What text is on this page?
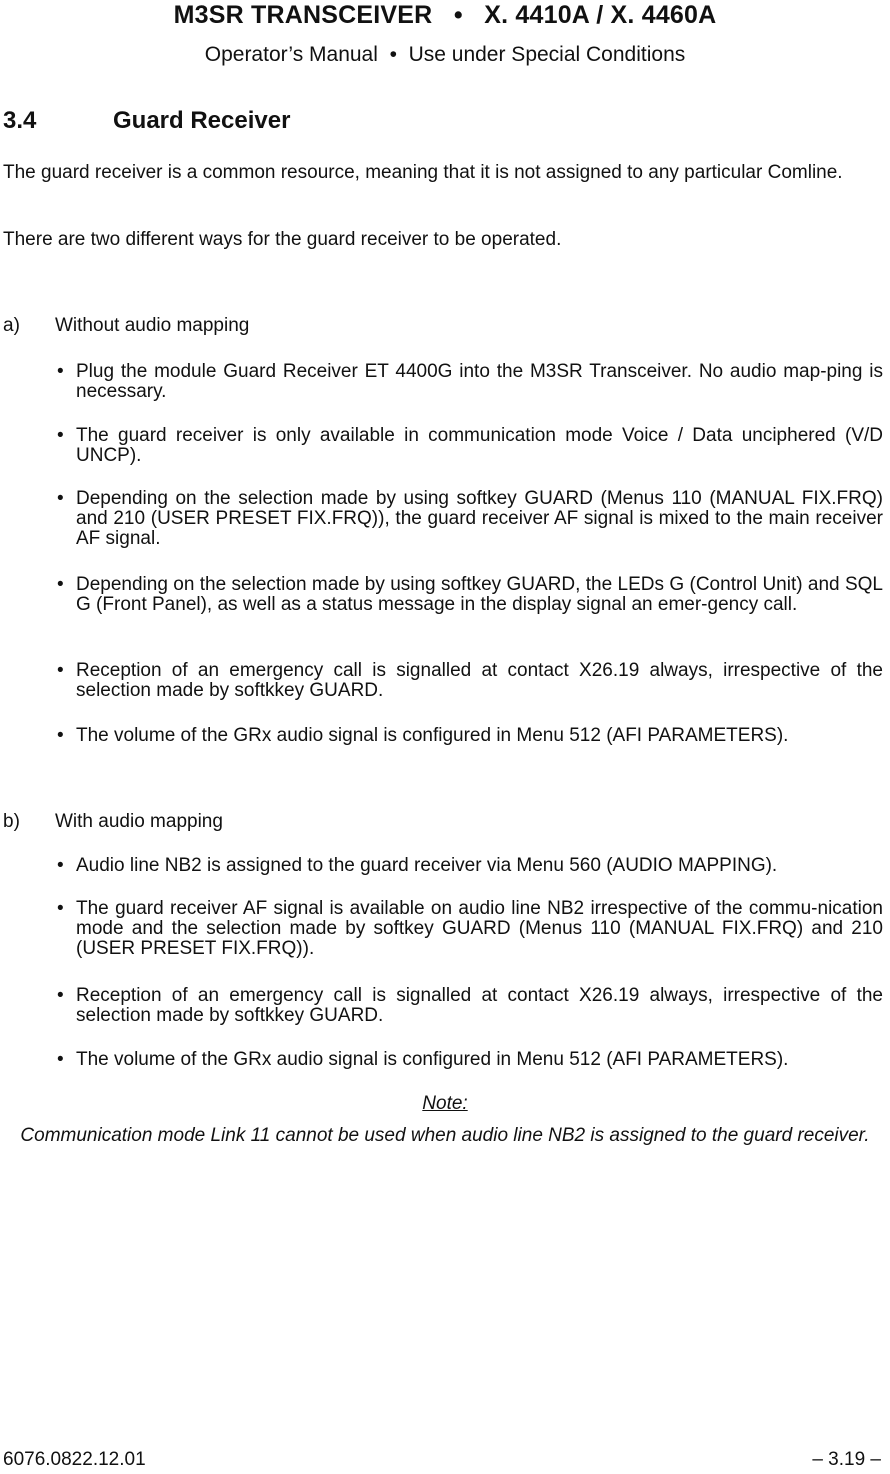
M3SR TRANSCEIVER   •   X. 4410A / X. 4460A

Operator’s Manual  •  Use under Special Conditions

3.4	Guard Receiver

The guard receiver is a common resource, meaning that it is not assigned to any particular Comline.

There are two different ways for the guard receiver to be operated.

a) Without audio mapping

• Plug the module Guard Receiver ET 4400G into the M3SR Transceiver. No audio map-ping is necessary.
• The guard receiver is only available in communication mode Voice / Data unciphered (V/D UNCP).
• Depending on the selection made by using softkey GUARD (Menus 110 (MANUAL FIX.FRQ) and 210 (USER PRESET FIX.FRQ)), the guard receiver AF signal is mixed to the main receiver AF signal.
• Depending on the selection made by using softkey GUARD, the LEDs G (Control Unit) and SQL G (Front Panel), as well as a status message in the display signal an emer-gency call.
• Reception of an emergency call is signalled at contact X26.19 always, irrespective of the selection made by softkkey GUARD.
• The volume of the GRx audio signal is configured in Menu 512 (AFI PARAMETERS).

b) With audio mapping

• Audio line NB2 is assigned to the guard receiver via Menu 560 (AUDIO MAPPING).
• The guard receiver AF signal is available on audio line NB2 irrespective of the commu-nication mode and the selection made by softkey GUARD (Menus 110 (MANUAL FIX.FRQ) and 210 (USER PRESET FIX.FRQ)).
• Reception of an emergency call is signalled at contact X26.19 always, irrespective of the selection made by softkkey GUARD.
• The volume of the GRx audio signal is configured in Menu 512 (AFI PARAMETERS).

Note:

Communication mode Link 11 cannot be used when audio line NB2 is assigned to the guard receiver.

6076.0822.12.01	– 3.19 –
